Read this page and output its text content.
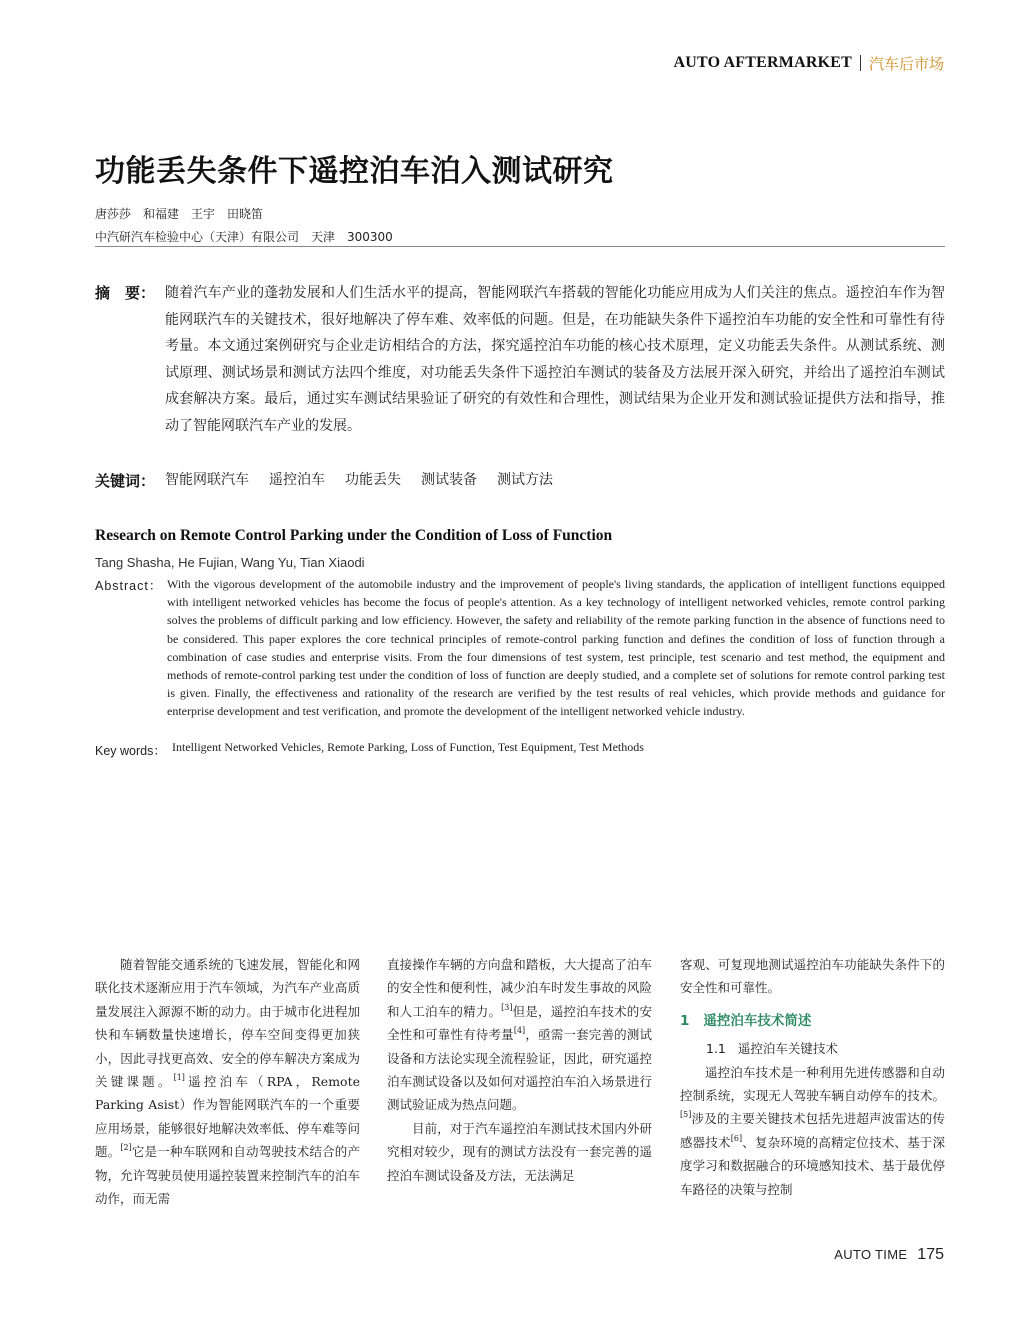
AUTO AFTERMARKET 汽车后市场
功能丢失条件下遥控泊车泊入测试研究
唐莎莎　和福建　王宇　田晓笛
中汽研汽车检验中心（天津）有限公司　天津　300300
摘　要： 随着汽车产业的蓬勃发展和人们生活水平的提高，智能网联汽车搭载的智能化功能应用成为人们关注的焦点。遥控泊车作为智能网联汽车的关键技术，很好地解决了停车难、效率低的问题。但是，在功能缺失条件下遥控泊车功能的安全性和可靠性有待考量。本文通过案例研究与企业走访相结合的方法，探究遥控泊车功能的核心技术原理，定义功能丢失条件。从测试系统、测试原理、测试场景和测试方法四个维度，对功能丢失条件下遥控泊车测试的装备及方法展开深入研究，并给出了遥控泊车测试成套解决方案。最后，通过实车测试结果验证了研究的有效性和合理性，测试结果为企业开发和测试验证提供方法和指导，推动了智能网联汽车产业的发展。
关键词： 智能网联汽车 遥控泊车 功能丢失 测试装备 测试方法
Research on Remote Control Parking under the Condition of Loss of Function
Tang Shasha, He Fujian, Wang Yu, Tian Xiaodi
Abstract： With the vigorous development of the automobile industry and the improvement of people's living standards, the application of intelligent functions equipped with intelligent networked vehicles has become the focus of people's attention. As a key technology of intelligent networked vehicles, remote control parking solves the problems of difficult parking and low efficiency. However, the safety and reliability of the remote parking function in the absence of functions need to be considered. This paper explores the core technical principles of remote-control parking function and defines the condition of loss of function through a combination of case studies and enterprise visits. From the four dimensions of test system, test principle, test scenario and test method, the equipment and methods of remote-control parking test under the condition of loss of function are deeply studied, and a complete set of solutions for remote control parking test is given. Finally, the effectiveness and rationality of the research are verified by the test results of real vehicles, which provide methods and guidance for enterprise development and test verification, and promote the development of the intelligent networked vehicle industry.
Key words： Intelligent Networked Vehicles, Remote Parking, Loss of Function, Test Equipment, Test Methods

随着智能交通系统的飞速发展，智能化和网联化技术逐渐应用于汽车领域，为汽车产业高质量发展注入源源不断的动力。由于城市化进程加快和车辆数量快速增长，停车空间变得更加狭小，因此寻找更高效、安全的停车解决方案成为关键课题。[1]遥控泊车（RPA，Remote Parking Asist）作为智能网联汽车的一个重要应用场景，能够很好地解决效率低、停车难等问题。[2]它是一种车联网和自动驾驶技术结合的产物，允许驾驶员使用遥控装置来控制汽车的泊车动作，而无需

直接操作车辆的方向盘和踏板，大大提高了泊车的安全性和便利性，减少泊车时发生事故的风险和人工泊车的精力。[3]但是，遥控泊车技术的安全性和可靠性有待考量[4]，亟需一套完善的测试设备和方法论实现全流程验证，因此，研究遥控泊车测试设备以及如何对遥控泊车泊入场景进行测试验证成为热点问题。

目前，对于汽车遥控泊车测试技术国内外研究相对较少，现有的测试方法没有一套完善的遥控泊车测试设备及方法，无法满足

客观、可复现地测试遥控泊车功能缺失条件下的安全性和可靠性。

1 遥控泊车技术简述

1.1 遥控泊车关键技术

遥控泊车技术是一种利用先进传感器和自动控制系统，实现无人驾驶车辆自动停车的技术。[5]涉及的主要关键技术包括先进超声波雷达的传感器技术[6]、复杂环境的高精定位技术、基于深度学习和数据融合的环境感知技术、基于最优停车路径的决策与控制

AUTO TIME 175
